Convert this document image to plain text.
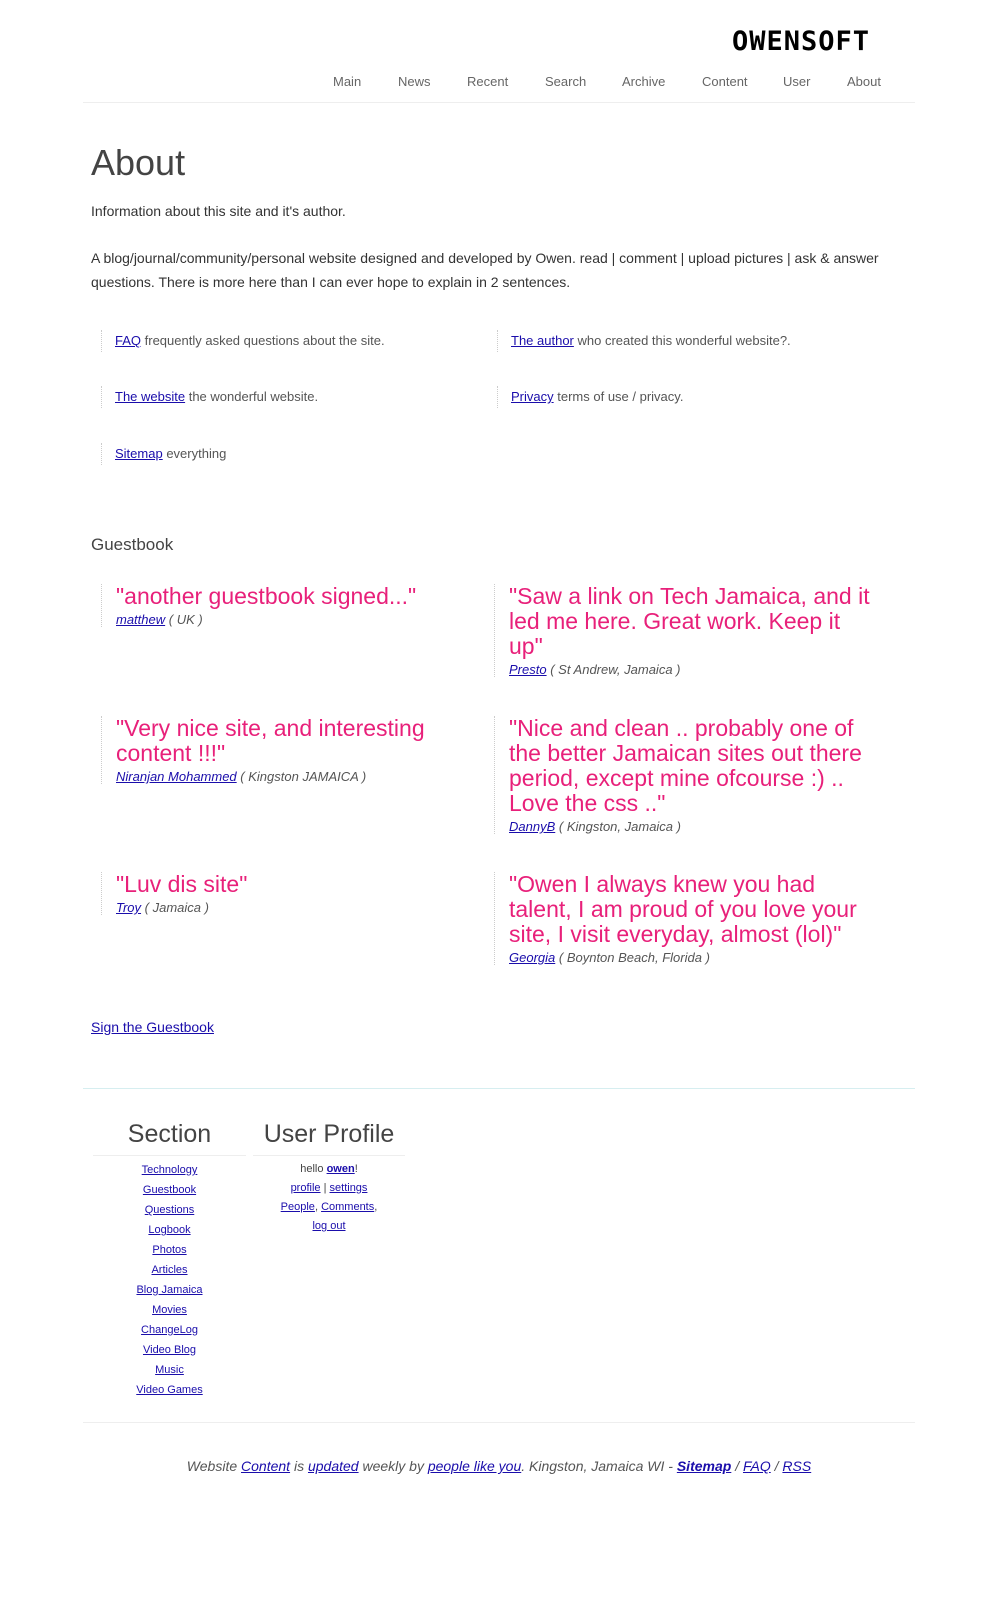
OWENSOFT
Main	News	Recent	Search	Archive	Content	User	About
About

Information about this site and it's author.

A blog/journal/community/personal website designed and developed by Owen. read | comment | upload pictures | ask & answer questions. There is more here than I can ever hope to explain in 2 sentences.

FAQ frequently asked questions about the site.	The author who created this wonderful website?.
The website the wonderful website.	Privacy terms of use / privacy.
Sitemap everything
Guestbook

"another guestbook signed..."

matthew ( UK )

"Saw a link on Tech Jamaica, and it led me here. Great work. Keep it up"

Presto ( St Andrew, Jamaica )

"Very nice site, and interesting content !!!"

Niranjan Mohammed ( Kingston JAMAICA )

"Nice and clean .. probably one of the better Jamaican sites out there period, except mine ofcourse :) .. Love the css .."

DannyB ( Kingston, Jamaica )

"Luv dis site"

Troy ( Jamaica )

"Owen I always knew you had talent, I am proud of you love your site, I visit everyday, almost (lol)"

Georgia ( Boynton Beach, Florida )
Sign the Guestbook
Section
Technology
Guestbook
Questions
Logbook
Photos
Articles
Blog Jamaica
Movies
ChangeLog
Video Blog
Music
Video Games
User Profile
hello owen!
profile | settings
People, Comments,
log out
Website Content is updated weekly by people like you. Kingston, Jamaica WI - Sitemap / FAQ / RSS
